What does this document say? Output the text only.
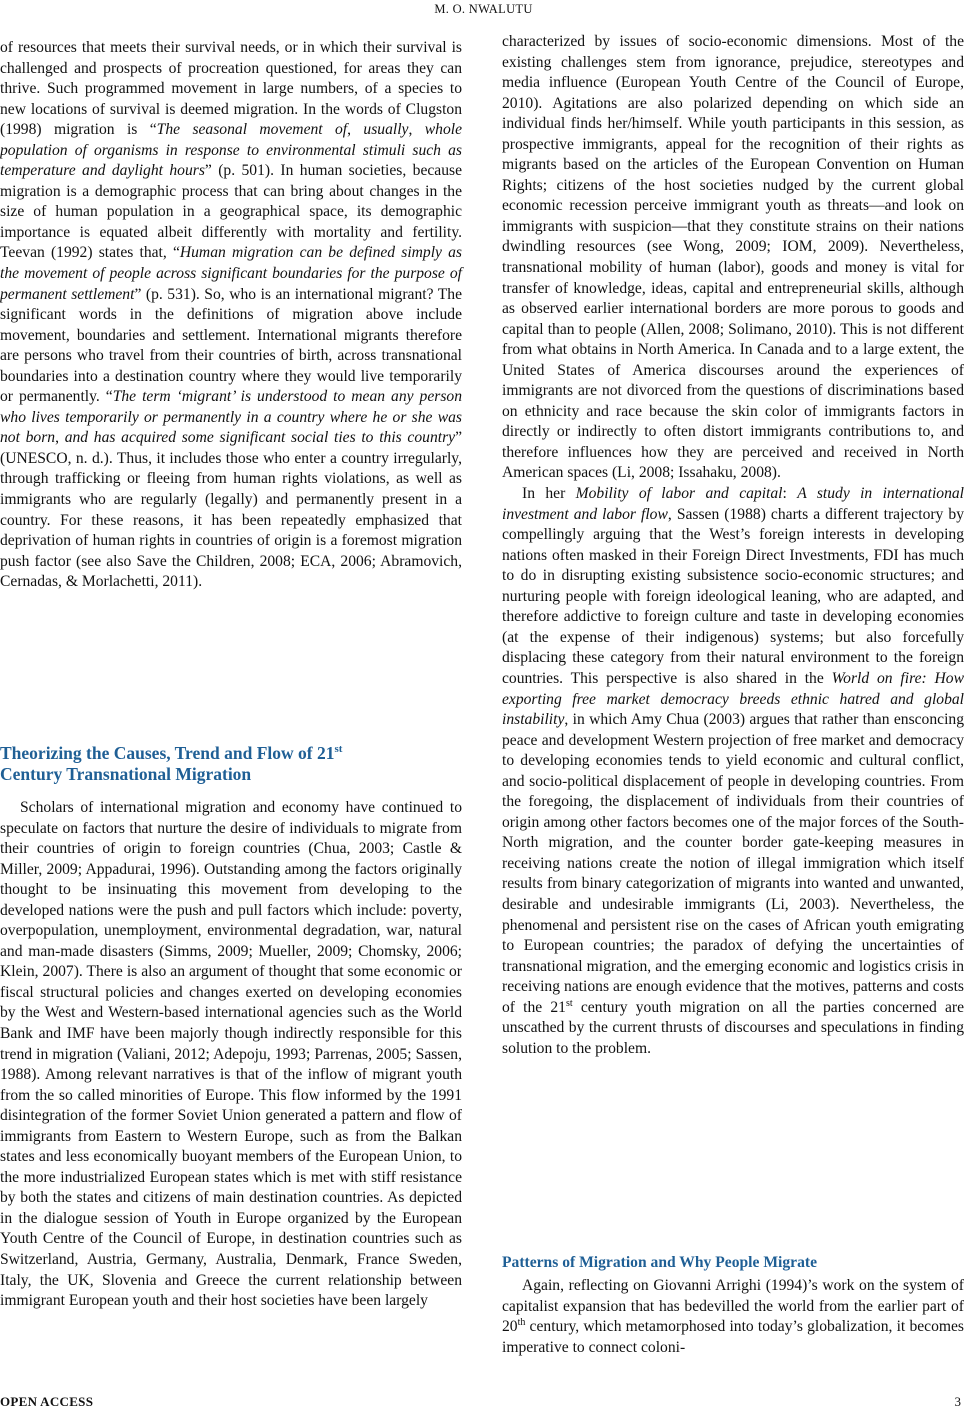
M. O. NWALUTU

of resources that meets their survival needs, or in which their survival is challenged and prospects of procreation questioned, for areas they can thrive. Such programmed movement in large numbers, of a species to new locations of survival is deemed migration. In the words of Clugston (1998) migration is “The seasonal movement of, usually, whole population of organisms in response to environmental stimuli such as temperature and daylight hours” (p. 501). In human societies, because migration is a demographic process that can bring about changes in the size of human population in a geographical space, its demographic importance is equated albeit differently with mortality and fertility. Teevan (1992) states that, “Human migration can be defined simply as the movement of people across significant boundaries for the purpose of permanent settlement” (p. 531). So, who is an international migrant? The significant words in the definitions of migration above include movement, boundaries and settlement. International migrants therefore are persons who travel from their countries of birth, across transnational boundaries into a destination country where they would live temporarily or permanently. “The term ‘migrant’ is understood to mean any person who lives temporarily or permanently in a country where he or she was not born, and has acquired some significant social ties to this country” (UNESCO, n. d.). Thus, it includes those who enter a country irregularly, through trafficking or fleeing from human rights violations, as well as immigrants who are regularly (legally) and permanently present in a country. For these reasons, it has been repeatedly emphasized that deprivation of human rights in countries of origin is a foremost migration push factor (see also Save the Children, 2008; ECA, 2006; Abramovich, Cernadas, & Morlachetti, 2011).

Theorizing the Causes, Trend and Flow of 21st
Century Transnational Migration

Scholars of international migration and economy have continued to speculate on factors that nurture the desire of individuals to migrate from their countries of origin to foreign countries (Chua, 2003; Castle & Miller, 2009; Appadurai, 1996). Outstanding among the factors originally thought to be insinuating this movement from developing to the developed nations were the push and pull factors which include: poverty, overpopulation, unemployment, environmental degradation, war, natural and man-made disasters (Simms, 2009; Mueller, 2009; Chomsky, 2006; Klein, 2007). There is also an argument of thought that some economic or fiscal structural policies and changes exerted on developing economies by the West and Western-based international agencies such as the World Bank and IMF have been majorly though indirectly responsible for this trend in migration (Valiani, 2012; Adepoju, 1993; Parrenas, 2005; Sassen, 1988). Among relevant narratives is that of the inflow of migrant youth from the so called minorities of Europe. This flow informed by the 1991 disintegration of the former Soviet Union generated a pattern and flow of immigrants from Eastern to Western Europe, such as from the Balkan states and less economically buoyant members of the European Union, to the more industrialized European states which is met with stiff resistance by both the states and citizens of main destination countries. As depicted in the dialogue session of Youth in Europe organized by the European Youth Centre of the Council of Europe, in destination countries such as Switzerland, Austria, Germany, Australia, Denmark, France Sweden, Italy, the UK, Slovenia and Greece the current relationship between immigrant European youth and their host societies have been largely

characterized by issues of socio-economic dimensions. Most of the existing challenges stem from ignorance, prejudice, stereotypes and media influence (European Youth Centre of the Council of Europe, 2010). Agitations are also polarized depending on which side an individual finds her/himself. While youth participants in this session, as prospective immigrants, appeal for the recognition of their rights as migrants based on the articles of the European Convention on Human Rights; citizens of the host societies nudged by the current global economic recession perceive immigrant youth as threats—and look on immigrants with suspicion—that they constitute strains on their nations dwindling resources (see Wong, 2009; IOM, 2009). Nevertheless, transnational mobility of human (labor), goods and money is vital for transfer of knowledge, ideas, capital and entrepreneurial skills, although as observed earlier international borders are more porous to goods and capital than to people (Allen, 2008; Solimano, 2010). This is not different from what obtains in North America. In Canada and to a large extent, the United States of America discourses around the experiences of immigrants are not divorced from the questions of discriminations based on ethnicity and race because the skin color of immigrants factors in directly or indirectly to often distort immigrants contributions to, and therefore influences how they are perceived and received in North American spaces (Li, 2008; Issahaku, 2008).

In her Mobility of labor and capital: A study in international investment and labor flow, Sassen (1988) charts a different trajectory by compellingly arguing that the West’s foreign interests in developing nations often masked in their Foreign Direct Investments, FDI has much to do in disrupting existing subsistence socio-economic structures; and nurturing people with foreign ideological leaning, who are adapted, and therefore addictive to foreign culture and taste in developing economies (at the expense of their indigenous) systems; but also forcefully displacing these category from their natural environment to the foreign countries. This perspective is also shared in the World on fire: How exporting free market democracy breeds ethnic hatred and global instability, in which Amy Chua (2003) argues that rather than ensconcing peace and development Western projection of free market and democracy to developing economies tends to yield economic and cultural conflict, and socio-political displacement of people in developing countries. From the foregoing, the displacement of individuals from their countries of origin among other factors becomes one of the major forces of the South-North migration, and the counter border gate-keeping measures in receiving nations create the notion of illegal immigration which itself results from binary categorization of migrants into wanted and unwanted, desirable and undesirable immigrants (Li, 2003). Nevertheless, the phenomenal and persistent rise on the cases of African youth emigrating to European countries; the paradox of defying the uncertainties of transnational migration, and the emerging economic and logistics crisis in receiving nations are enough evidence that the motives, patterns and costs of the 21st century youth migration on all the parties concerned are unscathed by the current thrusts of discourses and speculations in finding solution to the problem.

Patterns of Migration and Why People Migrate

Again, reflecting on Giovanni Arrighi (1994)’s work on the system of capitalist expansion that has bedevilled the world from the earlier part of 20th century, which metamorphosed into today’s globalization, it becomes imperative to connect coloni-

OPEN ACCESS	3
